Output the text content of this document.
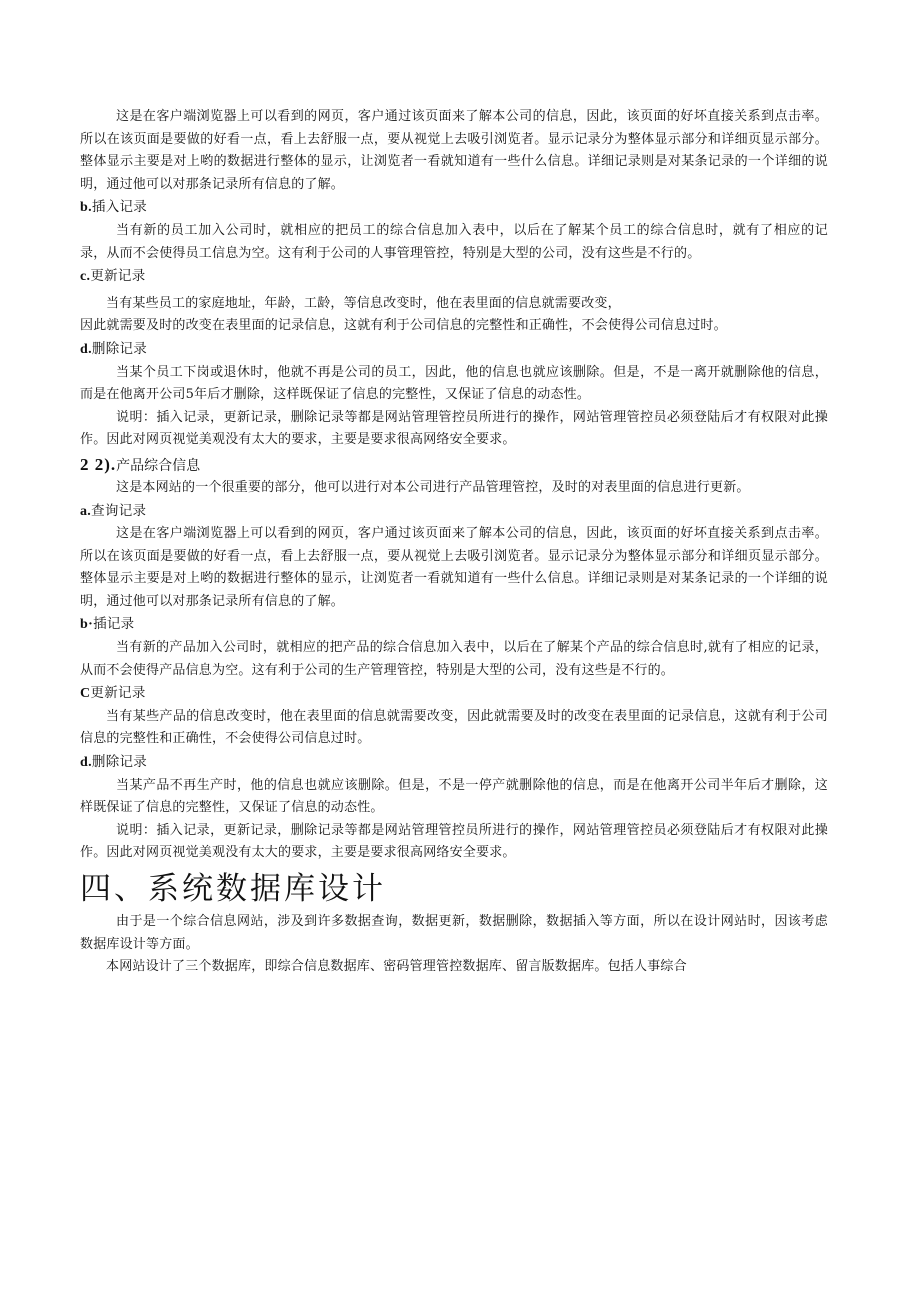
这是在客户端浏览器上可以看到的网页，客户通过该页面来了解本公司的信息，因此，该页面的好坏直接关系到点击率。所以在该页面是要做的好看一点，看上去舒服一点，要从视觉上去吸引浏览者。显示记录分为整体显示部分和详细页显示部分。整体显示主要是对上哟的数据进行整体的显示，让浏览者一看就知道有一些什么信息。详细记录则是对某条记录的一个详细的说明，通过他可以对那条记录所有信息的了解。

b.插入记录

当有新的员工加入公司时，就相应的把员工的综合信息加入表中，以后在了解某个员工的综合信息时，就有了相应的记录，从而不会使得员工信息为空。这有利于公司的人事管理管控，特别是大型的公司，没有这些是不行的。

c.更新记录

当有某些员工的家庭地址，年龄，工龄，等信息改变时，他在表里面的信息就需要改变，

因此就需要及时的改变在表里面的记录信息，这就有利于公司信息的完整性和正确性，不会使得公司信息过时。

d.删除记录

当某个员工下岗或退休时，他就不再是公司的员工，因此，他的信息也就应该删除。但是，不是一离开就删除他的信息，而是在他离开公司5年后才删除，这样既保证了信息的完整性，又保证了信息的动态性。

说明：插入记录，更新记录，删除记录等都是网站管理管控员所进行的操作，网站管理管控员必须登陆后才有权限对此操作。因此对网页视觉美观没有太大的要求，主要是要求很高网络安全要求。

2 2).产品综合信息

这是本网站的一个很重要的部分，他可以进行对本公司进行产品管理管控，及时的对表里面的信息进行更新。

a.查询记录

这是在客户端浏览器上可以看到的网页，客户通过该页面来了解本公司的信息，因此，该页面的好坏直接关系到点击率。所以在该页面是要做的好看一点，看上去舒服一点，要从视觉上去吸引浏览者。显示记录分为整体显示部分和详细页显示部分。整体显示主要是对上哟的数据进行整体的显示，让浏览者一看就知道有一些什么信息。详细记录则是对某条记录的一个详细的说明，通过他可以对那条记录所有信息的了解。

b·插记录

当有新的产品加入公司时，就相应的把产品的综合信息加入表中，以后在了解某个产品的综合信息时,就有了相应的记录，从而不会使得产品信息为空。这有利于公司的生产管理管控，特别是大型的公司，没有这些是不行的。

C更新记录

当有某些产品的信息改变时，他在表里面的信息就需要改变，因此就需要及时的改变在表里面的记录信息，这就有利于公司信息的完整性和正确性，不会使得公司信息过时。

d.删除记录

当某产品不再生产时，他的信息也就应该删除。但是，不是一停产就删除他的信息，而是在他离开公司半年后才删除，这样既保证了信息的完整性，又保证了信息的动态性。

说明：插入记录，更新记录，删除记录等都是网站管理管控员所进行的操作，网站管理管控员必须登陆后才有权限对此操作。因此对网页视觉美观没有太大的要求，主要是要求很高网络安全要求。

四、系统数据库设计

由于是一个综合信息网站，涉及到许多数据查询，数据更新，数据删除，数据插入等方面，所以在设计网站时，因该考虑数据库设计等方面。

本网站设计了三个数据库，即综合信息数据库、密码管理管控数据库、留言版数据库。包括人事综合
